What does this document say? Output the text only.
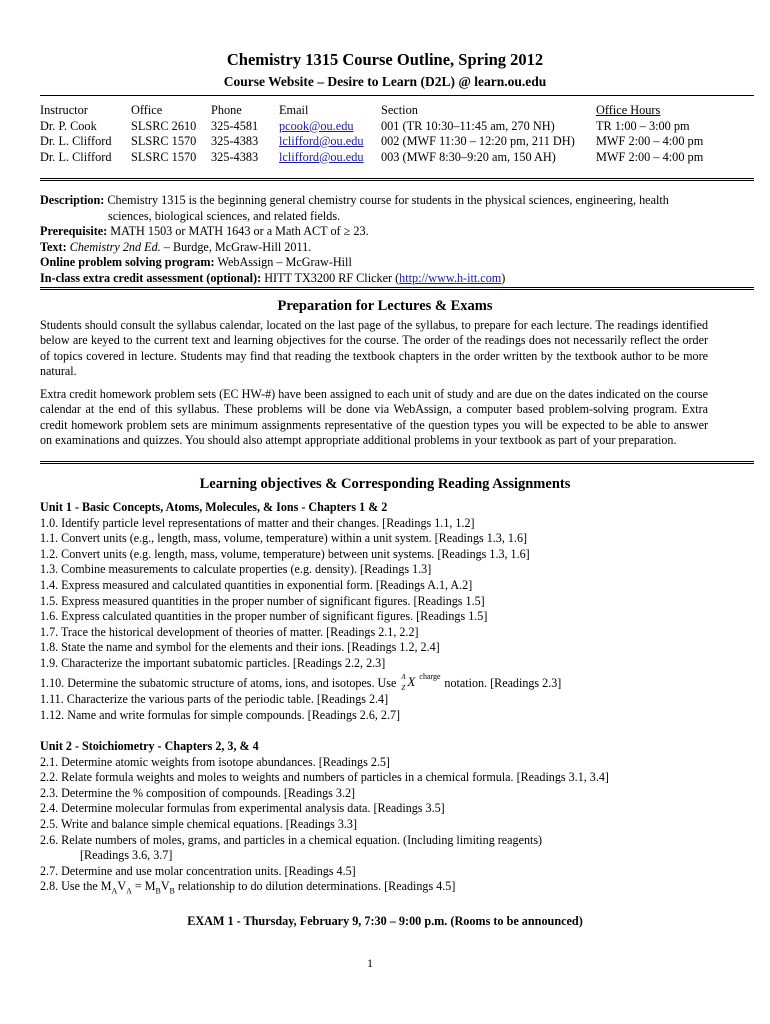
Chemistry 1315 Course Outline, Spring 2012
Course Website – Desire to Learn (D2L) @ learn.ou.edu
Instructor	Office	Phone	Email	Section	Office Hours
Dr. P. Cook	SLSRC 2610	325-4581	pcook@ou.edu	001 (TR 10:30–11:45 am, 270 NH)	TR 1:00 – 3:00 pm
Dr. L. Clifford	SLSRC 1570	325-4383	lclifford@ou.edu	002 (MWF 11:30 – 12:20 pm, 211 DH)	MWF 2:00 – 4:00 pm
Dr. L. Clifford	SLSRC 1570	325-4383	lclifford@ou.edu	003 (MWF 8:30–9:20 am, 150 AH)	MWF 2:00 – 4:00 pm

Description: Chemistry 1315 is the beginning general chemistry course for students in the physical sciences, engineering, health

sciences, biological sciences, and related fields.

Prerequisite: MATH 1503 or MATH 1643 or a Math ACT of ≥ 23.

Text: Chemistry 2nd Ed. – Burdge, McGraw-Hill 2011.

Online problem solving program: WebAssign – McGraw-Hill

In-class extra credit assessment (optional): HITT TX3200 RF Clicker (http://www.h-itt.com)

Preparation for Lectures & Exams

Students should consult the syllabus calendar, located on the last page of the syllabus, to prepare for each lecture. The readings identified below are keyed to the current text and learning objectives for the course. The order of the readings does not necessarily reflect the order of topics covered in lecture. Students may find that reading the textbook chapters in the order written by the textbook author to be more natural.

Extra credit homework problem sets (EC HW-#) have been assigned to each unit of study and are due on the dates indicated on the course calendar at the end of this syllabus. These problems will be done via WebAssign, a computer based problem-solving program. Extra credit homework problem sets are minimum assignments representative of the question types you will be expected to be able to answer on examinations and quizzes. You should also attempt appropriate additional problems in your textbook as part of your preparation.

Learning objectives & Corresponding Reading Assignments
Unit 1 - Basic Concepts, Atoms, Molecules, & Ions - Chapters 1 & 2
1.0. Identify particle level representations of matter and their changes. [Readings 1.1, 1.2]
1.1. Convert units (e.g., length, mass, volume, temperature) within a unit system. [Readings 1.3, 1.6]
1.2. Convert units (e.g. length, mass, volume, temperature) between unit systems. [Readings 1.3, 1.6]
1.3. Combine measurements to calculate properties (e.g. density). [Readings 1.3]
1.4. Express measured and calculated quantities in exponential form. [Readings A.1, A.2]
1.5. Express measured quantities in the proper number of significant figures. [Readings 1.5]
1.6. Express calculated quantities in the proper number of significant figures. [Readings 1.5]
1.7. Trace the historical development of theories of matter. [Readings 2.1, 2.2]
1.8. State the name and symbol for the elements and their ions. [Readings 1.2, 2.4]
1.9. Characterize the important subatomic particles. [Readings 2.2, 2.3]
1.10. Determine the subatomic structure of atoms, ions, and isotopes. Use A
Z X charge notation. [Readings 2.3]
1.11. Characterize the various parts of the periodic table. [Readings 2.4]
1.12. Name and write formulas for simple compounds. [Readings 2.6, 2.7]
Unit 2 - Stoichiometry - Chapters 2, 3, & 4
2.1. Determine atomic weights from isotope abundances. [Readings 2.5]
2.2. Relate formula weights and moles to weights and numbers of particles in a chemical formula. [Readings 3.1, 3.4]
2.3. Determine the % composition of compounds. [Readings 3.2]
2.4. Determine molecular formulas from experimental analysis data. [Readings 3.5]
2.5. Write and balance simple chemical equations. [Readings 3.3]
2.6. Relate numbers of moles, grams, and particles in a chemical equation. (Including limiting reagents)
[Readings 3.6, 3.7]
2.7. Determine and use molar concentration units. [Readings 4.5]
2.8. Use the $M_AV_A = M_BV_B$ relationship to do dilution determinations. [Readings 4.5]
EXAM 1 - Thursday, February 9, 7:30 – 9:00 p.m. (Rooms to be announced)
1
